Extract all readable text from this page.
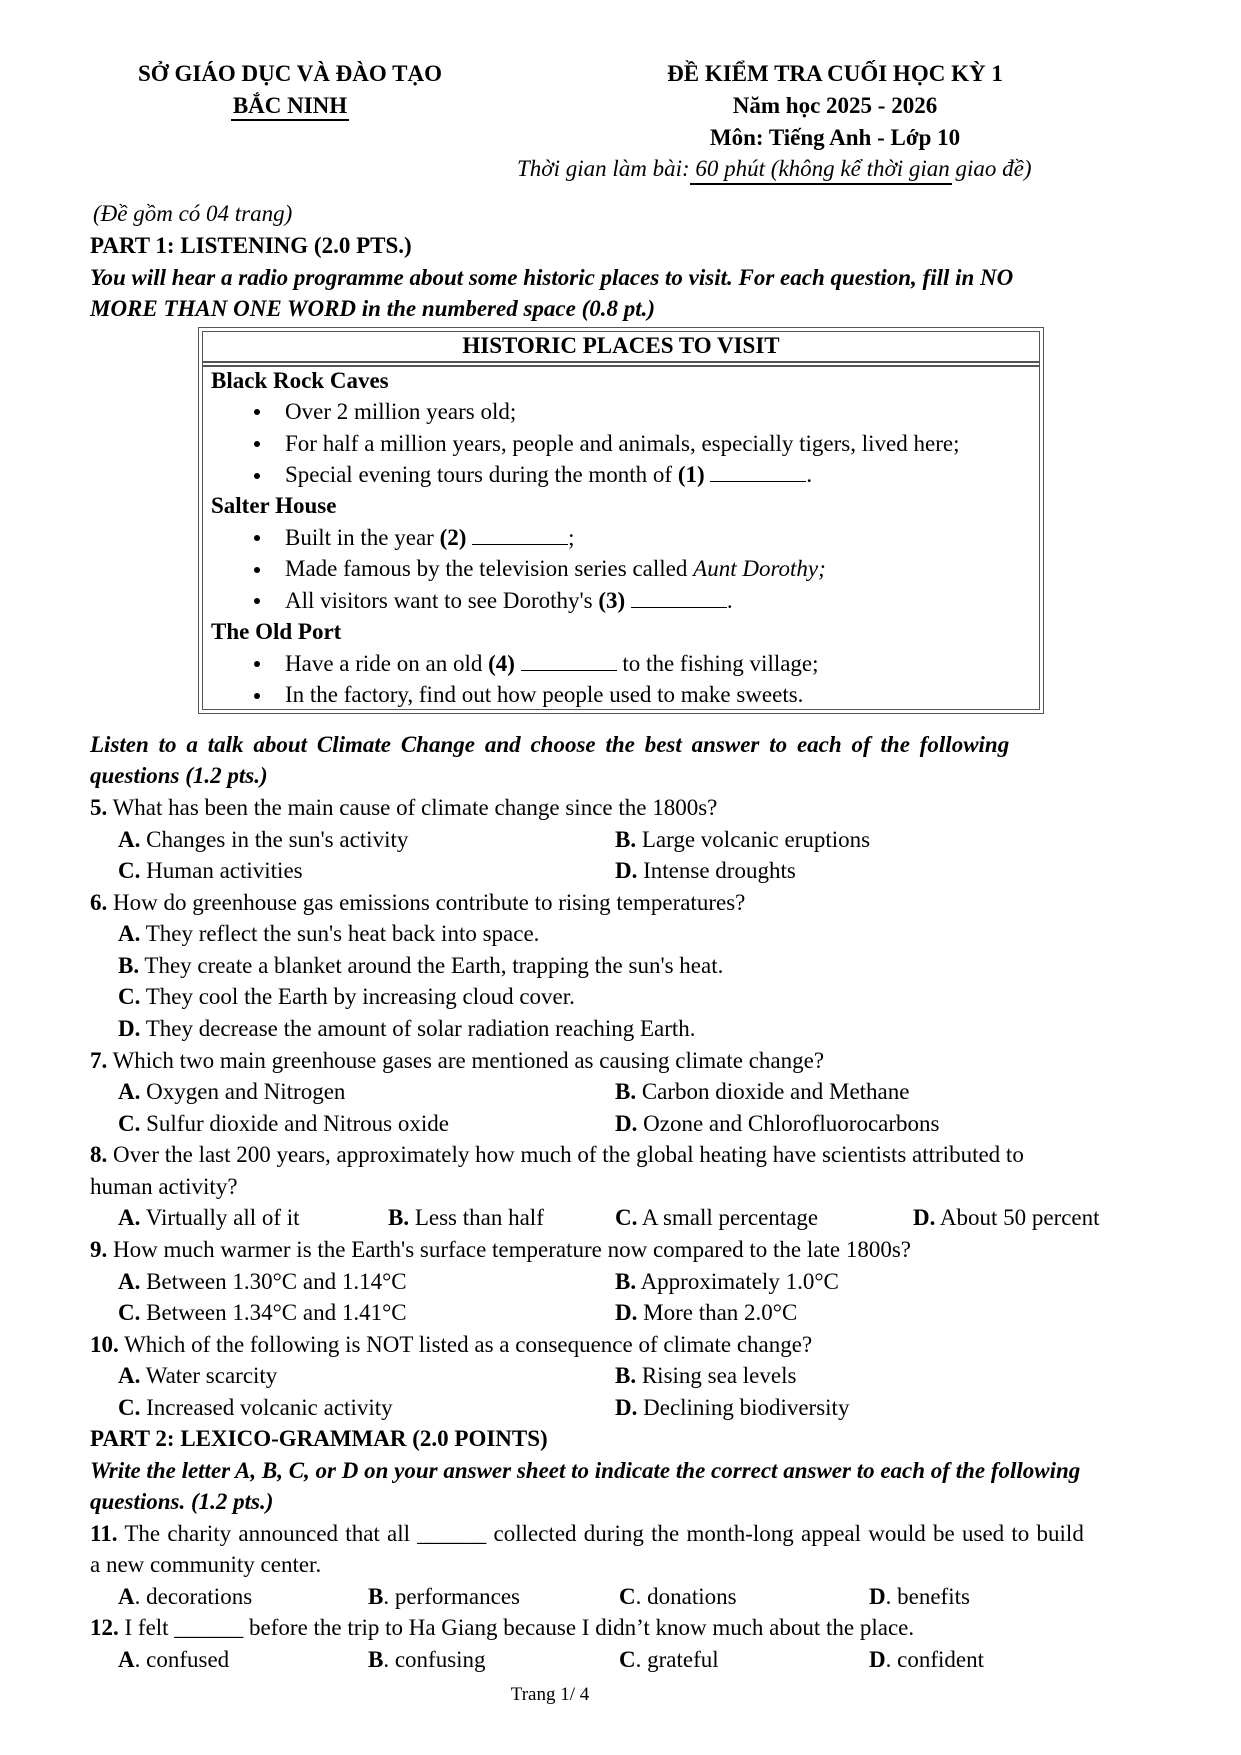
SỞ GIÁO DỤC VÀ ĐÀO TẠO
BẮC NINH
ĐỀ KIỂM TRA CUỐI HỌC KỲ 1
Năm học 2025 - 2026
Môn: Tiếng Anh - Lớp 10
Thời gian làm bài: 60 phút (không kể thời gian giao đề)
(Đề gồm có 04 trang)
PART 1: LISTENING (2.0 PTS.)
You will hear a radio programme about some historic places to visit. For each question, fill in NO
MORE THAN ONE WORD in the numbered space (0.8 pt.)
HISTORIC PLACES TO VISIT
Black Rock Caves
Over 2 million years old;
For half a million years, people and animals, especially tigers, lived here;
Special evening tours during the month of (1)	.
Salter House
Built in the year (2)	;
Made famous by the television series called Aunt Dorothy;
All visitors want to see Dorothy's (3)	.
The Old Port
Have a ride on an old (4)	to the fishing village;
In the factory, find out how people used to make sweets.
Listen to a talk about Climate Change and choose the best answer to each of the following
questions (1.2 pts.)
5. What has been the main cause of climate change since the 1800s?
A. Changes in the sun's activity	B. Large volcanic eruptions
C. Human activities	D. Intense droughts
6. How do greenhouse gas emissions contribute to rising temperatures?
A. They reflect the sun's heat back into space.
B. They create a blanket around the Earth, trapping the sun's heat.
C. They cool the Earth by increasing cloud cover.
D. They decrease the amount of solar radiation reaching Earth.
7. Which two main greenhouse gases are mentioned as causing climate change?
A. Oxygen and Nitrogen	B. Carbon dioxide and Methane
C. Sulfur dioxide and Nitrous oxide	D. Ozone and Chlorofluorocarbons
8. Over the last 200 years, approximately how much of the global heating have scientists attributed to
human activity?
A. Virtually all of it	B. Less than half	C. A small percentage	D. About 50 percent
9. How much warmer is the Earth's surface temperature now compared to the late 1800s?
A. Between 1.30°C and 1.14°C	B. Approximately 1.0°C
C. Between 1.34°C and 1.41°C	D. More than 2.0°C
10. Which of the following is NOT listed as a consequence of climate change?
A. Water scarcity	B. Rising sea levels
C. Increased volcanic activity	D. Declining biodiversity
PART 2: LEXICO-GRAMMAR (2.0 POINTS)
Write the letter A, B, C, or D on your answer sheet to indicate the correct answer to each of the following
questions. (1.2 pts.)
11. The charity announced that all ______ collected during the month-long appeal would be used to build
a new community center.
A. decorations	B. performances	C. donations	D. benefits
12. I felt ______ before the trip to Ha Giang because I didn’t know much about the place.
A. confused	B. confusing	C. grateful	D. confident
Trang 1/ 4
